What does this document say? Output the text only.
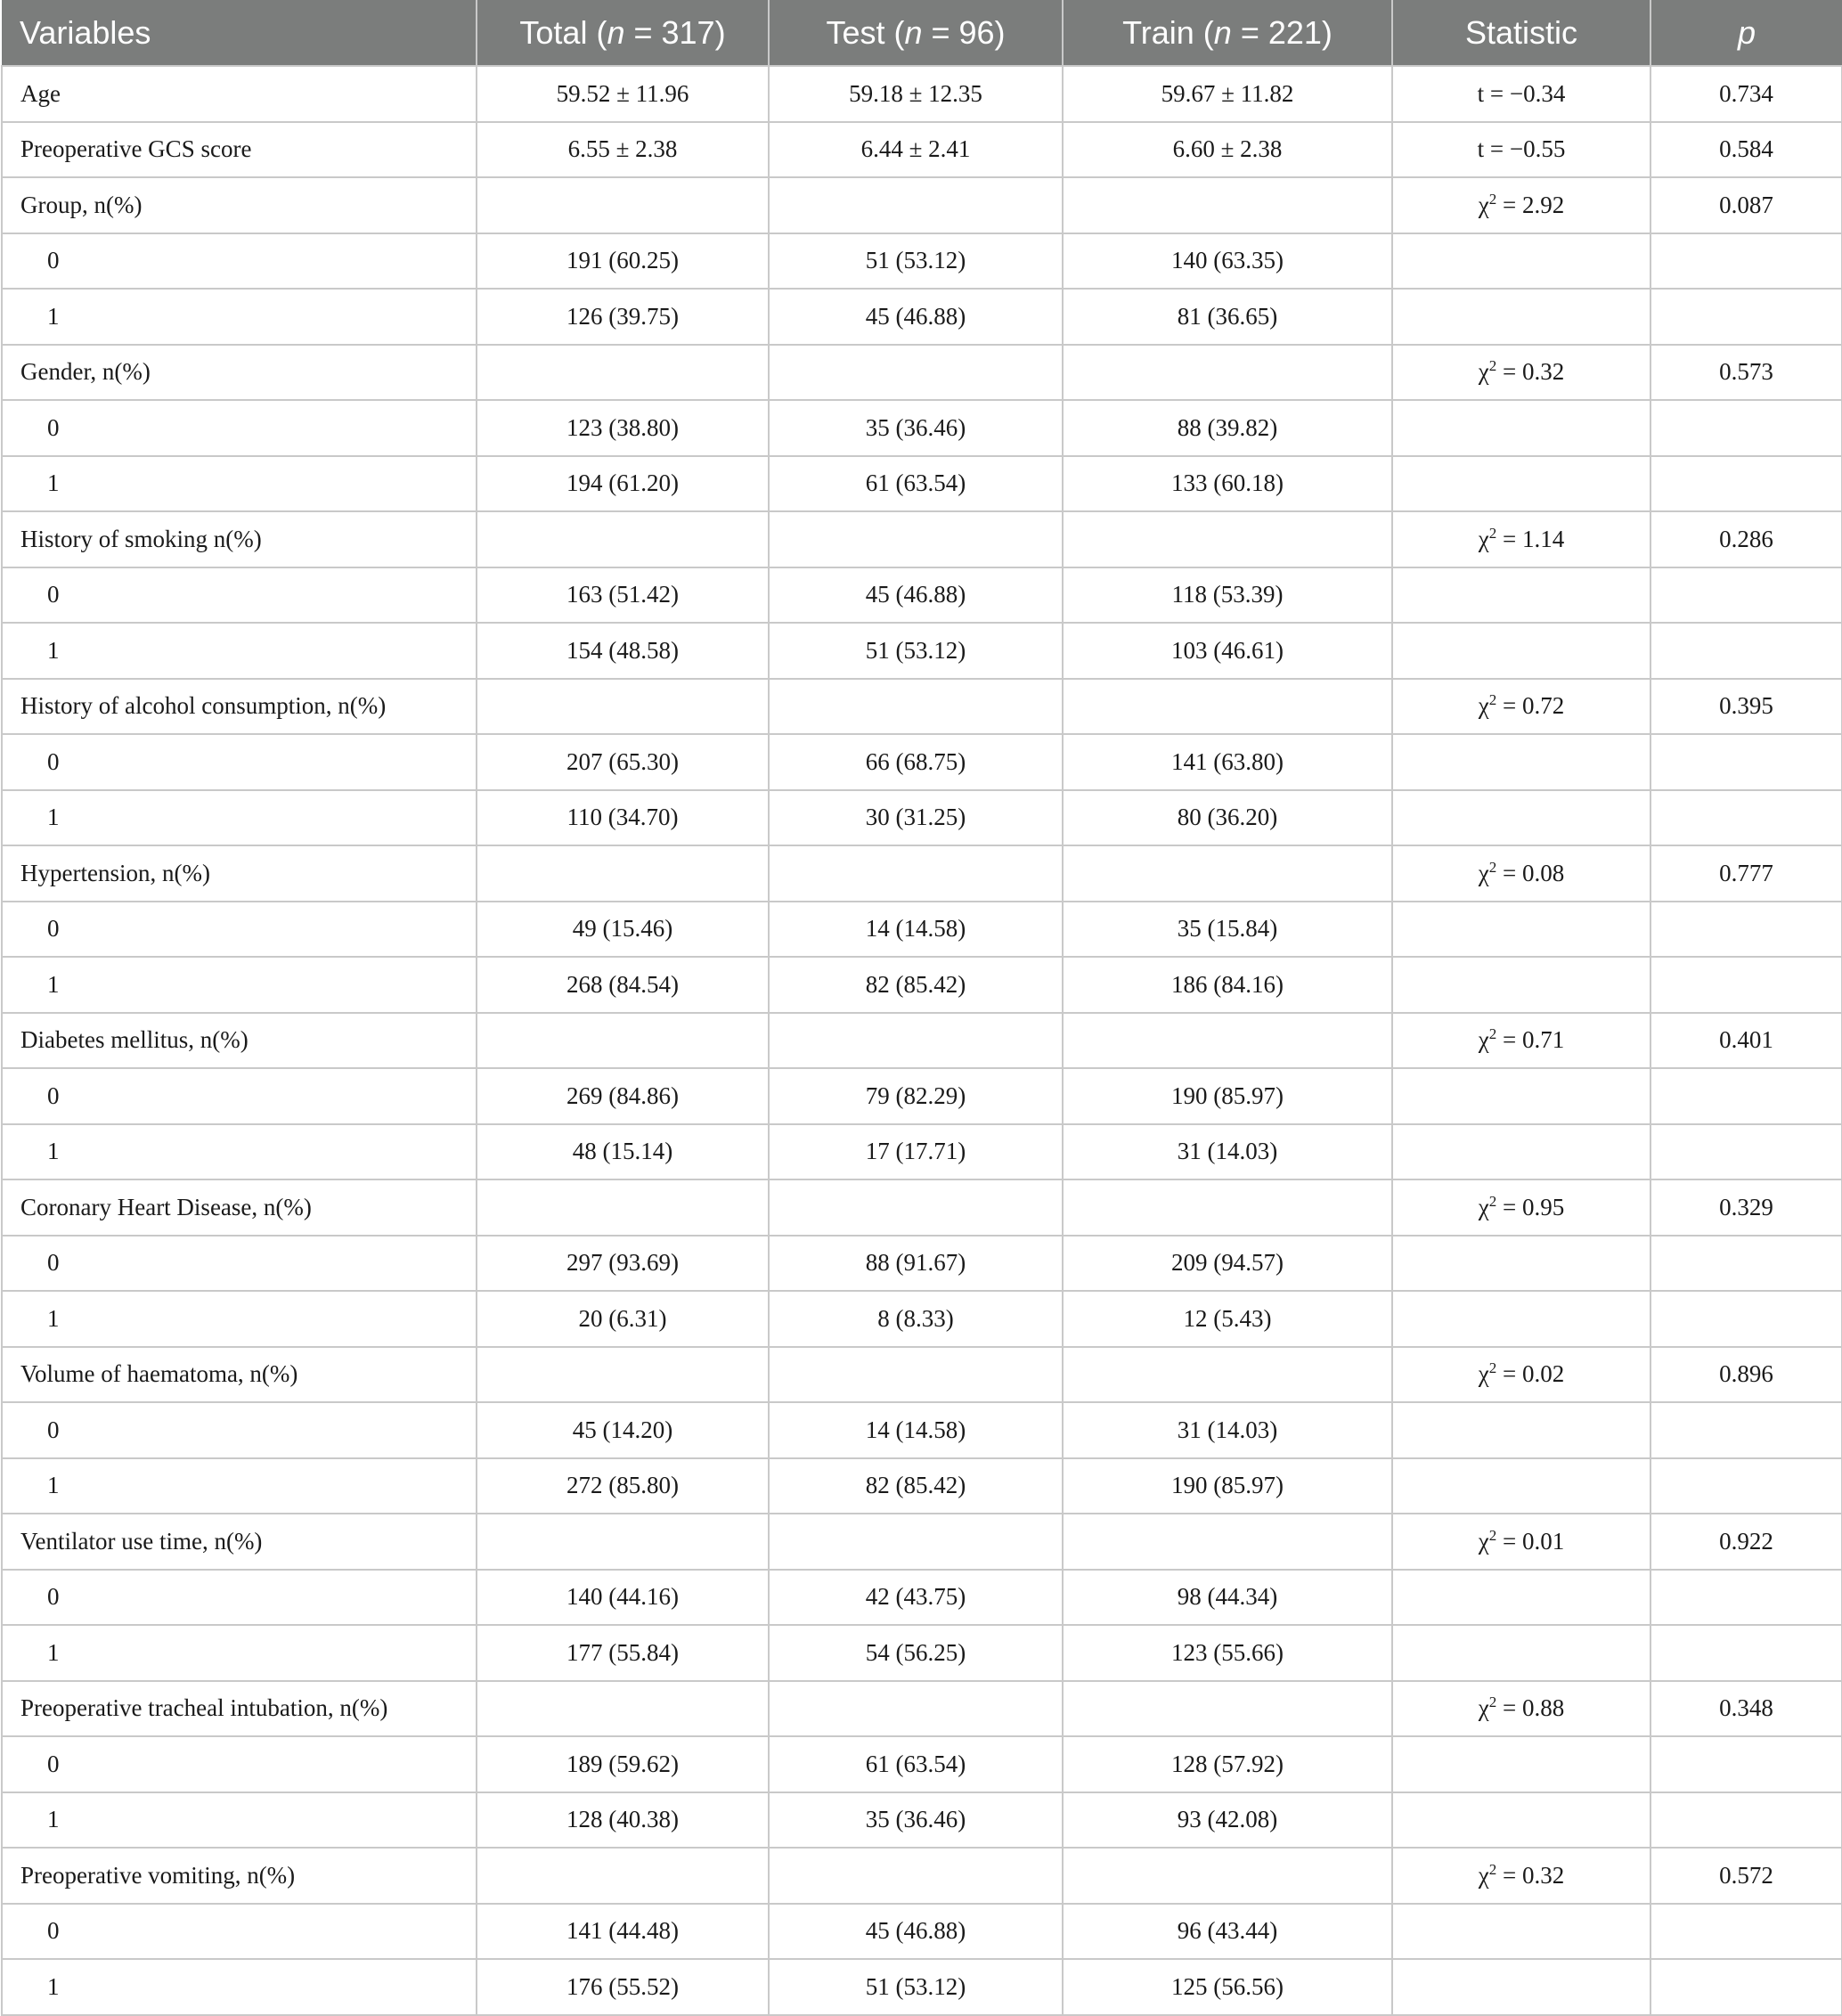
Variables	Total (n = 317)	Test (n = 96)	Train (n = 221)	Statistic	p
Age	59.52 ± 11.96	59.18 ± 12.35	59.67 ± 11.82	t = −0.34	0.734
Preoperative GCS score	6.55 ± 2.38	6.44 ± 2.41	6.60 ± 2.38	t = −0.55	0.584
Group, n(%)				$\chi^2 = 2.92$	0.087
0	191 (60.25)	51 (53.12)	140 (63.35)		
1	126 (39.75)	45 (46.88)	81 (36.65)		
Gender, n(%)				$\chi^2 = 0.32$	0.573
0	123 (38.80)	35 (36.46)	88 (39.82)		
1	194 (61.20)	61 (63.54)	133 (60.18)		
History of smoking n(%)				$\chi^2 = 1.14$	0.286
0	163 (51.42)	45 (46.88)	118 (53.39)		
1	154 (48.58)	51 (53.12)	103 (46.61)		
History of alcohol consumption, n(%)				$\chi^2 = 0.72$	0.395
0	207 (65.30)	66 (68.75)	141 (63.80)		
1	110 (34.70)	30 (31.25)	80 (36.20)		
Hypertension, n(%)				$\chi^2 = 0.08$	0.777
0	49 (15.46)	14 (14.58)	35 (15.84)		
1	268 (84.54)	82 (85.42)	186 (84.16)		
Diabetes mellitus, n(%)				$\chi^2 = 0.71$	0.401
0	269 (84.86)	79 (82.29)	190 (85.97)		
1	48 (15.14)	17 (17.71)	31 (14.03)		
Coronary Heart Disease, n(%)				$\chi^2 = 0.95$	0.329
0	297 (93.69)	88 (91.67)	209 (94.57)		
1	20 (6.31)	8 (8.33)	12 (5.43)		
Volume of haematoma, n(%)				$\chi^2 = 0.02$	0.896
0	45 (14.20)	14 (14.58)	31 (14.03)		
1	272 (85.80)	82 (85.42)	190 (85.97)		
Ventilator use time, n(%)				$\chi^2 = 0.01$	0.922
0	140 (44.16)	42 (43.75)	98 (44.34)		
1	177 (55.84)	54 (56.25)	123 (55.66)		
Preoperative tracheal intubation, n(%)				$\chi^2 = 0.88$	0.348
0	189 (59.62)	61 (63.54)	128 (57.92)		
1	128 (40.38)	35 (36.46)	93 (42.08)		
Preoperative vomiting, n(%)				$\chi^2 = 0.32$	0.572
0	141 (44.48)	45 (46.88)	96 (43.44)		
1	176 (55.52)	51 (53.12)	125 (56.56)		
